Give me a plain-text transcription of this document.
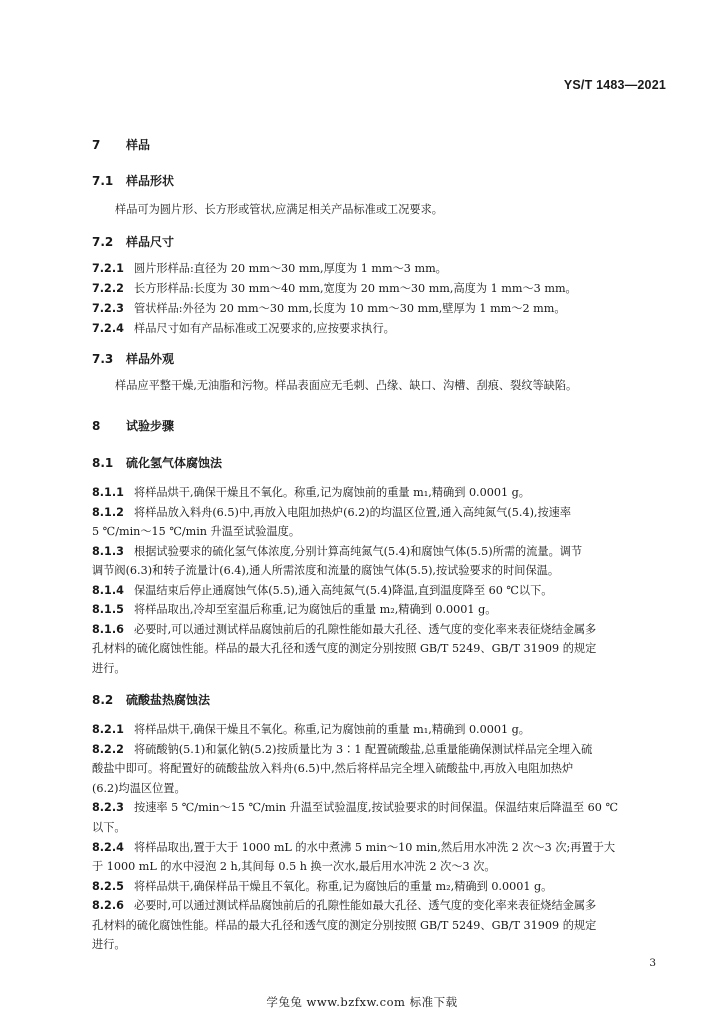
YS/T 1483—2021
7 样品
7.1 样品形状
样品可为圆片形、长方形或管状,应满足相关产品标准或工况要求。
7.2 样品尺寸
7.2.1 圆片形样品:直径为 20 mm～30 mm,厚度为 1 mm～3 mm。
7.2.2 长方形样品:长度为 30 mm～40 mm,宽度为 20 mm～30 mm,高度为 1 mm～3 mm。
7.2.3 管状样品:外径为 20 mm～30 mm,长度为 10 mm～30 mm,壁厚为 1 mm～2 mm。
7.2.4 样品尺寸如有产品标准或工况要求的,应按要求执行。
7.3 样品外观
样品应平整干燥,无油脂和污物。样品表面应无毛刺、凸缘、缺口、沟槽、刮痕、裂纹等缺陷。
8 试验步骤
8.1 硫化氢气体腐蚀法
8.1.1 将样品烘干,确保干燥且不氧化。称重,记为腐蚀前的重量 m₁,精确到 0.0001 g。
8.1.2 将样品放入料舟(6.5)中,再放入电阻加热炉(6.2)的均温区位置,通入高纯氮气(5.4),按速率
5 ℃/min～15 ℃/min 升温至试验温度。
8.1.3 根据试验要求的硫化氢气体浓度,分别计算高纯氮气(5.4)和腐蚀气体(5.5)所需的流量。调节
调节阀(6.3)和转子流量计(6.4),通人所需浓度和流量的腐蚀气体(5.5),按试验要求的时间保温。
8.1.4 保温结束后停止通腐蚀气体(5.5),通入高纯氮气(5.4)降温,直到温度降至 60 ℃以下。
8.1.5 将样品取出,冷却至室温后称重,记为腐蚀后的重量 m₂,精确到 0.0001 g。
8.1.6 必要时,可以通过测试样品腐蚀前后的孔隙性能如最大孔径、透气度的变化率来表征烧结金属多
孔材料的硫化腐蚀性能。样品的最大孔径和透气度的测定分别按照 GB/T 5249、GB/T 31909 的规定
进行。
8.2 硫酸盐热腐蚀法
8.2.1 将样品烘干,确保干燥且不氧化。称重,记为腐蚀前的重量 m₁,精确到 0.0001 g。
8.2.2 将硫酸钠(5.1)和氯化钠(5.2)按质量比为 3∶1 配置硫酸盐,总重量能确保测试样品完全埋入硫
酸盐中即可。将配置好的硫酸盐放入料舟(6.5)中,然后将样品完全埋入硫酸盐中,再放入电阻加热炉
(6.2)均温区位置。
8.2.3 按速率 5 ℃/min～15 ℃/min 升温至试验温度,按试验要求的时间保温。保温结束后降温至 60 ℃
以下。
8.2.4 将样品取出,置于大于 1000 mL 的水中煮沸 5 min～10 min,然后用水冲洗 2 次～3 次;再置于大
于 1000 mL 的水中浸泡 2 h,其间每 0.5 h 换一次水,最后用水冲洗 2 次～3 次。
8.2.5 将样品烘干,确保样品干燥且不氧化。称重,记为腐蚀后的重量 m₂,精确到 0.0001 g。
8.2.6 必要时,可以通过测试样品腐蚀前后的孔隙性能如最大孔径、透气度的变化率来表征烧结金属多
孔材料的硫化腐蚀性能。样品的最大孔径和透气度的测定分别按照 GB/T 5249、GB/T 31909 的规定
进行。
3
学兔兔 www.bzfxw.com 标准下载
